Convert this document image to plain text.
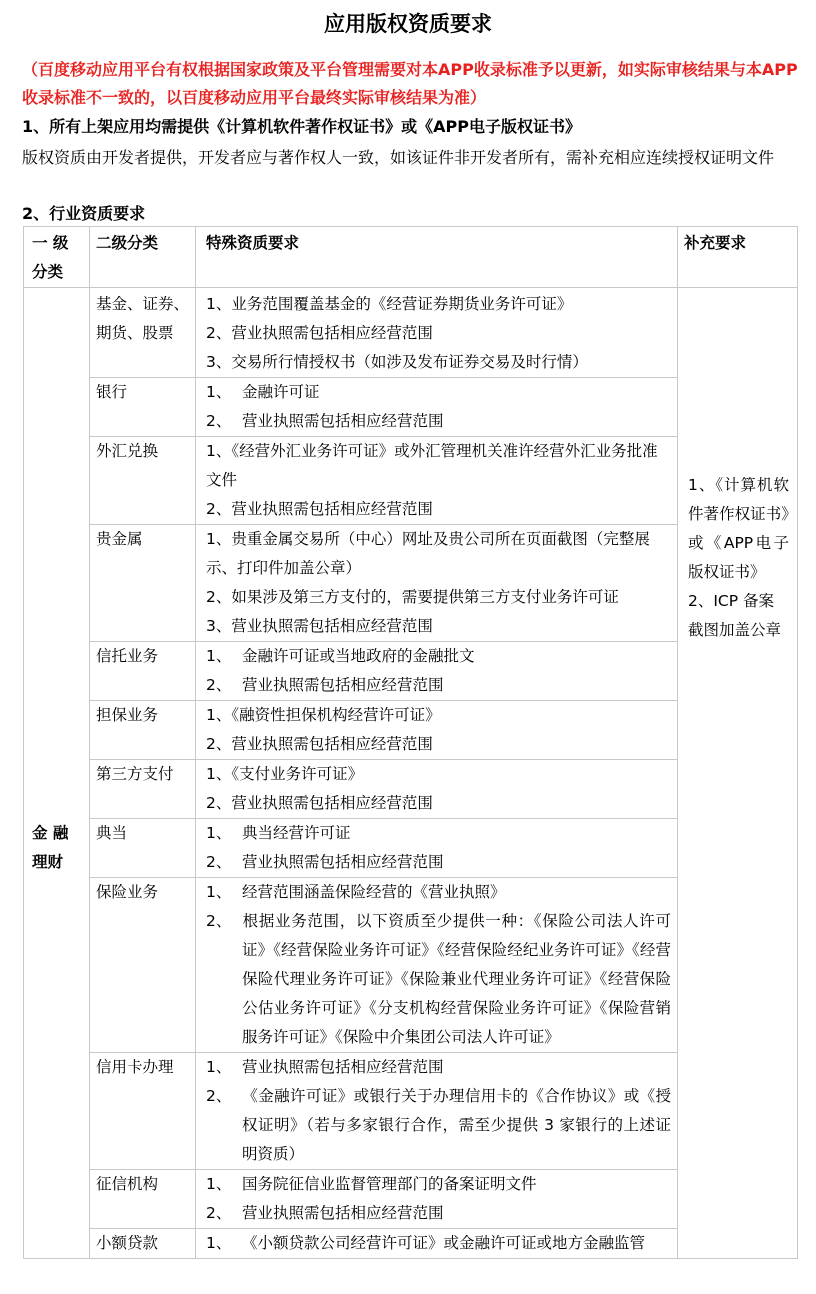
应用版权资质要求
（百度移动应用平台有权根据国家政策及平台管理需要对本APP收录标准予以更新，如实际审核结果与本APP收录标准不一致的，以百度移动应用平台最终实际审核结果为准）
1、所有上架应用均需提供《计算机软件著作权证书》或《APP电子版权证书》
版权资质由开发者提供，开发者应与著作权人一致，如该证件非开发者所有，需补充相应连续授权证明文件
2、行业资质要求
一 级 分类	二级分类	特殊资质要求	补充要求

金 融 理财	基金、证券、期货、股票	1、业务范围覆盖基金的《经营证券期货业务许可证》
2、营业执照需包括相应经营范围
3、交易所行情授权书（如涉及发布证券交易及时行情）	1、《计算机软件著作权证书》或《APP电子版权证书》
2、ICP 备案截图加盖公章

	银行	1、 金融许可证
2、 营业执照需包括相应经营范围	

	外汇兑换	1、《经营外汇业务许可证》或外汇管理机关准许经营外汇业务批准文件
2、营业执照需包括相应经营范围	

	贵金属	1、贵重金属交易所（中心）网址及贵公司所在页面截图（完整展示、打印件加盖公章）
2、如果涉及第三方支付的，需要提供第三方支付业务许可证
3、营业执照需包括相应经营范围	

	信托业务	1、 金融许可证或当地政府的金融批文
2、 营业执照需包括相应经营范围	

	担保业务	1、《融资性担保机构经营许可证》
2、营业执照需包括相应经营范围	

	第三方支付	1、《支付业务许可证》
2、营业执照需包括相应经营范围	

	典当	1、 典当经营许可证
2、 营业执照需包括相应经营范围	

	保险业务	1、 经营范围涵盖保险经营的《营业执照》
2、 根据业务范围，以下资质至少提供一种：《保险公司法人许可证》《经营保险业务许可证》《经营保险经纪业务许可证》《经营保险代理业务许可证》《保险兼业代理业务许可证》《经营保险公估业务许可证》《分支机构经营保险业务许可证》《保险营销服务许可证》《保险中介集团公司法人许可证》	

	信用卡办理	1、 营业执照需包括相应经营范围
2、 《金融许可证》或银行关于办理信用卡的《合作协议》或《授权证明》（若与多家银行合作，需至少提供 3 家银行的上述证明资质）	

	征信机构	1、 国务院征信业监督管理部门的备案证明文件
2、 营业执照需包括相应经营范围	

	小额贷款	1、 《小额贷款公司经营许可证》或金融许可证或地方金融监管	
